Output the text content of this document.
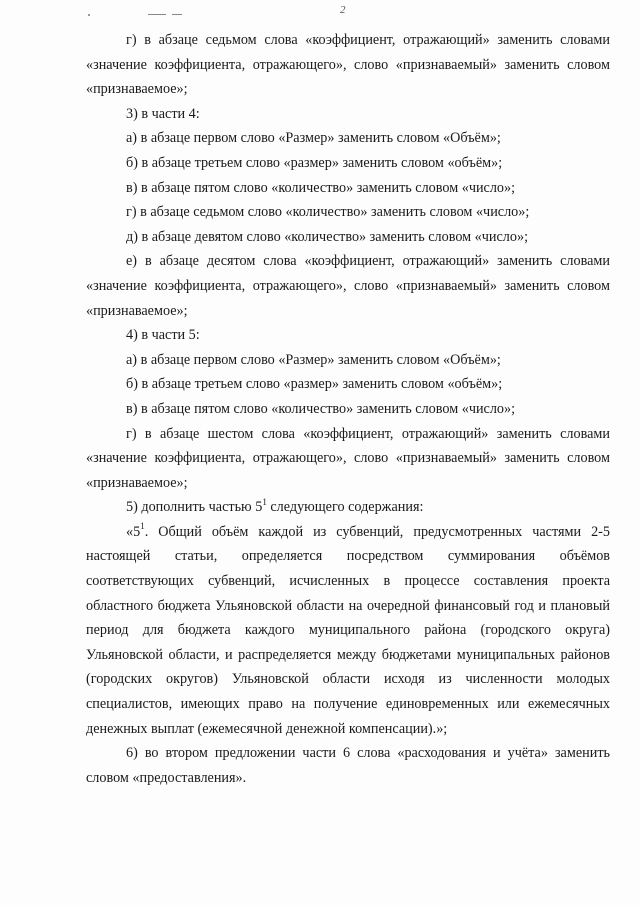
2

г) в абзаце седьмом слова «коэффициент, отражающий» заменить словами «значение коэффициента, отражающего», слово «признаваемый» заменить словом «признаваемое»;

3) в части 4:

а) в абзаце первом слово «Размер» заменить словом «Объём»;

б) в абзаце третьем слово «размер» заменить словом «объём»;

в) в абзаце пятом слово «количество» заменить словом «число»;

г) в абзаце седьмом слово «количество» заменить словом «число»;

д) в абзаце девятом слово «количество» заменить словом «число»;

е) в абзаце десятом слова «коэффициент, отражающий» заменить словами «значение коэффициента, отражающего», слово «признаваемый» заменить словом «признаваемое»;

4) в части 5:

а) в абзаце первом слово «Размер» заменить словом «Объём»;

б) в абзаце третьем слово «размер» заменить словом «объём»;

в) в абзаце пятом слово «количество» заменить словом «число»;

г) в абзаце шестом слова «коэффициент, отражающий» заменить словами «значение коэффициента, отражающего», слово «признаваемый» заменить словом «признаваемое»;

5) дополнить частью $5^1$ следующего содержания:

«$5^1$. Общий объём каждой из субвенций, предусмотренных частями 2-5 настоящей статьи, определяется посредством суммирования объёмов соответствующих субвенций, исчисленных в процессе составления проекта областного бюджета Ульяновской области на очередной финансовый год и плановый период для бюджета каждого муниципального района (городского округа) Ульяновской области, и распределяется между бюджетами муниципальных районов (городских округов) Ульяновской области исходя из численности молодых специалистов, имеющих право на получение единовременных или ежемесячных денежных выплат (ежемесячной денежной компенсации).»;

6) во втором предложении части 6 слова «расходования и учёта» заменить словом «предоставления».
